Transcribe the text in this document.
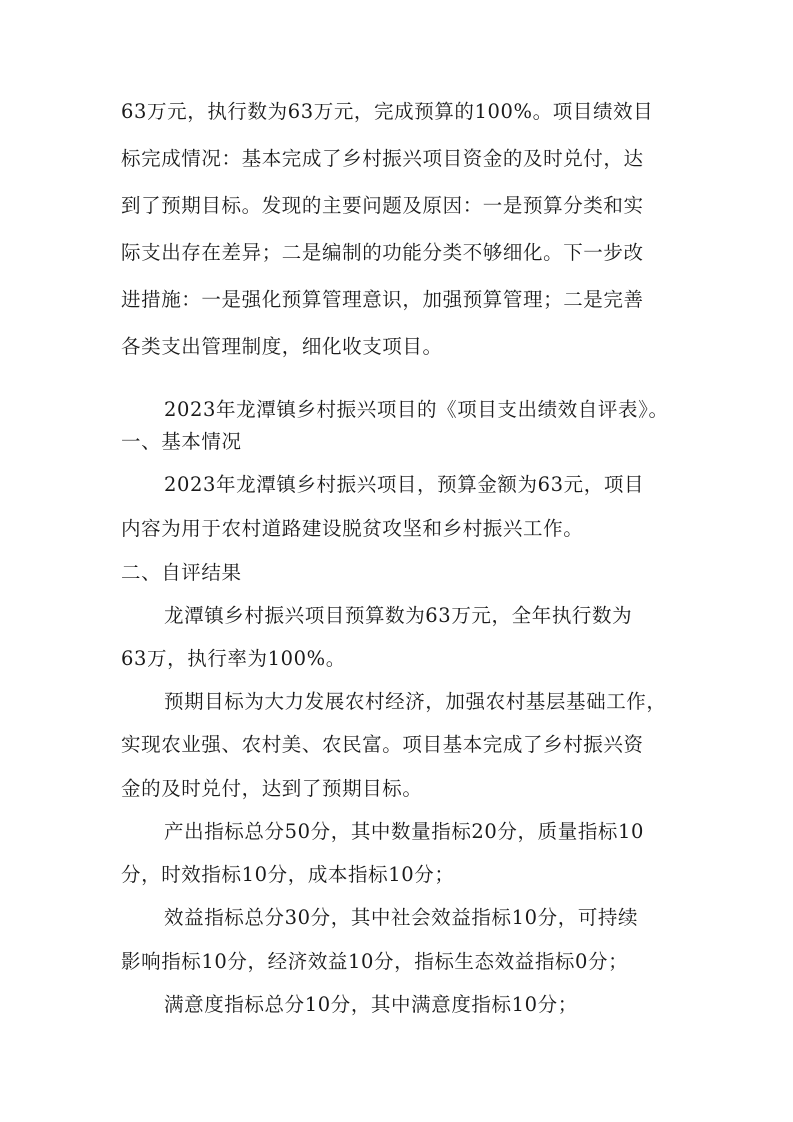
63万元，执行数为63万元，完成预算的100%。项目绩效目
标完成情况：基本完成了乡村振兴项目资金的及时兑付，达
到了预期目标。发现的主要问题及原因：一是预算分类和实
际支出存在差异；二是编制的功能分类不够细化。下一步改
进措施：一是强化预算管理意识，加强预算管理；二是完善
各类支出管理制度，细化收支项目。
2023年龙潭镇乡村振兴项目的《项目支出绩效自评表》。
一、基本情况
2023年龙潭镇乡村振兴项目，预算金额为63元，项目
内容为用于农村道路建设脱贫攻坚和乡村振兴工作。
二、自评结果
龙潭镇乡村振兴项目预算数为63万元，全年执行数为
63万，执行率为100%。
预期目标为大力发展农村经济，加强农村基层基础工作，
实现农业强、农村美、农民富。项目基本完成了乡村振兴资
金的及时兑付，达到了预期目标。
产出指标总分50分，其中数量指标20分，质量指标10
分，时效指标10分，成本指标10分；
效益指标总分30分，其中社会效益指标10分，可持续
影响指标10分，经济效益10分，指标生态效益指标0分；
满意度指标总分10分，其中满意度指标10分；
